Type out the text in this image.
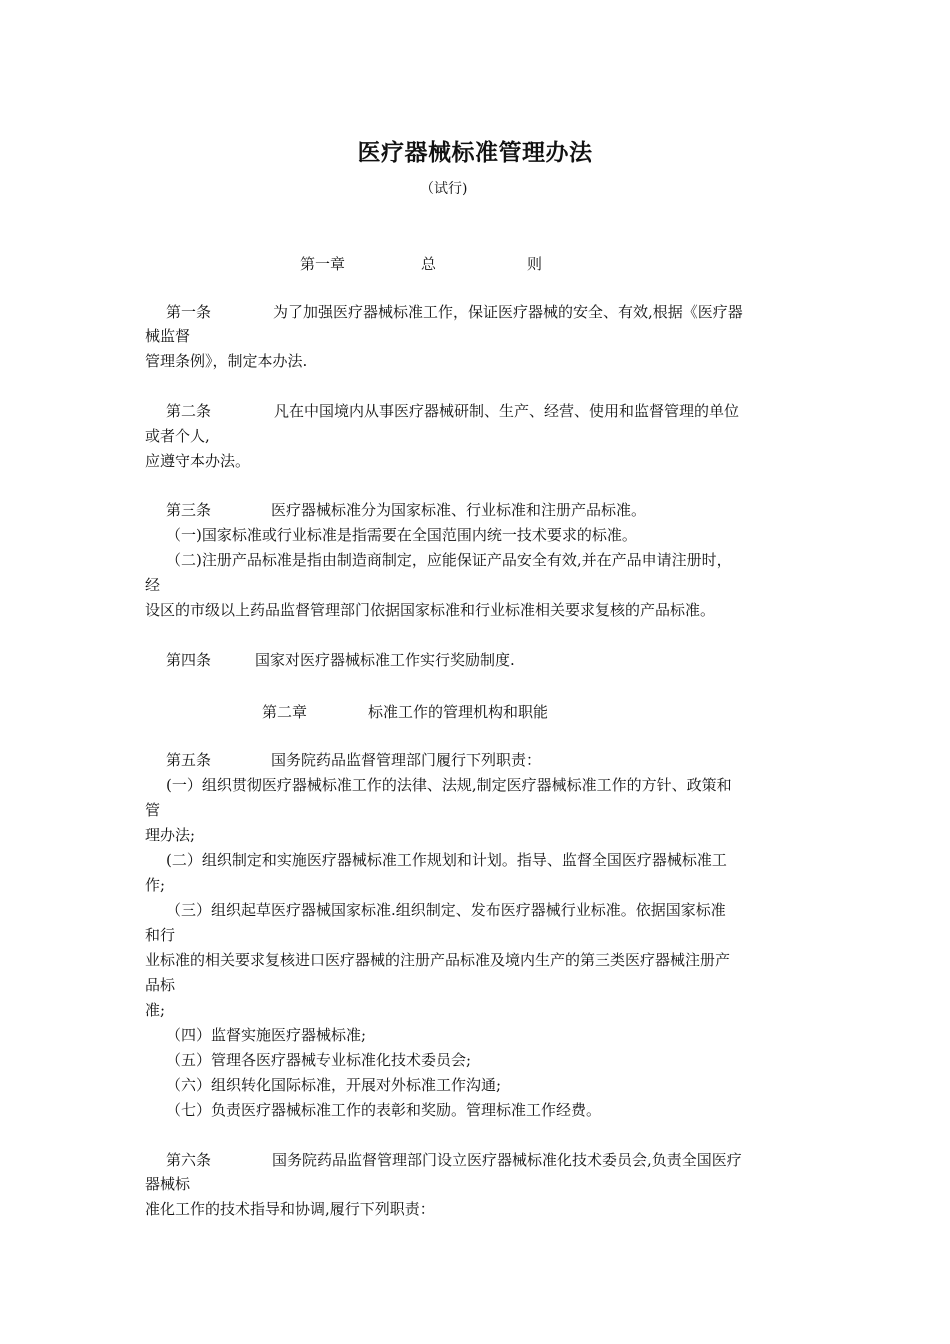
医疗器械标准管理办法
（试行)
第一章	总	则
第一条	为了加强医疗器械标准工作，保证医疗器械的安全、有效,根据《医疗器
械监督
管理条例》，制定本办法.
第二条	凡在中国境内从事医疗器械研制、生产、经营、使用和监督管理的单位
或者个人,
应遵守本办法。
第三条	医疗器械标准分为国家标准、行业标准和注册产品标准。
（一)国家标准或行业标准是指需要在全国范围内统一技术要求的标准。
（二)注册产品标准是指由制造商制定，应能保证产品安全有效,并在产品申请注册时，
经
设区的市级以上药品监督管理部门依据国家标准和行业标准相关要求复核的产品标准。
第四条	国家对医疗器械标准工作实行奖励制度.
第二章	标准工作的管理机构和职能
第五条	国务院药品监督管理部门履行下列职责：
(一）组织贯彻医疗器械标准工作的法律、法规,制定医疗器械标准工作的方针、政策和
管
理办法;
(二）组织制定和实施医疗器械标准工作规划和计划。指导、监督全国医疗器械标准工
作;
（三）组织起草医疗器械国家标准.组织制定、发布医疗器械行业标准。依据国家标准
和行
业标准的相关要求复核进口医疗器械的注册产品标准及境内生产的第三类医疗器械注册产
品标
准;
（四）监督实施医疗器械标准;
（五）管理各医疗器械专业标准化技术委员会;
（六）组织转化国际标准，开展对外标准工作沟通;
（七）负责医疗器械标准工作的表彰和奖励。管理标准工作经费。
第六条	国务院药品监督管理部门设立医疗器械标准化技术委员会,负责全国医疗
器械标
准化工作的技术指导和协调,履行下列职责：
